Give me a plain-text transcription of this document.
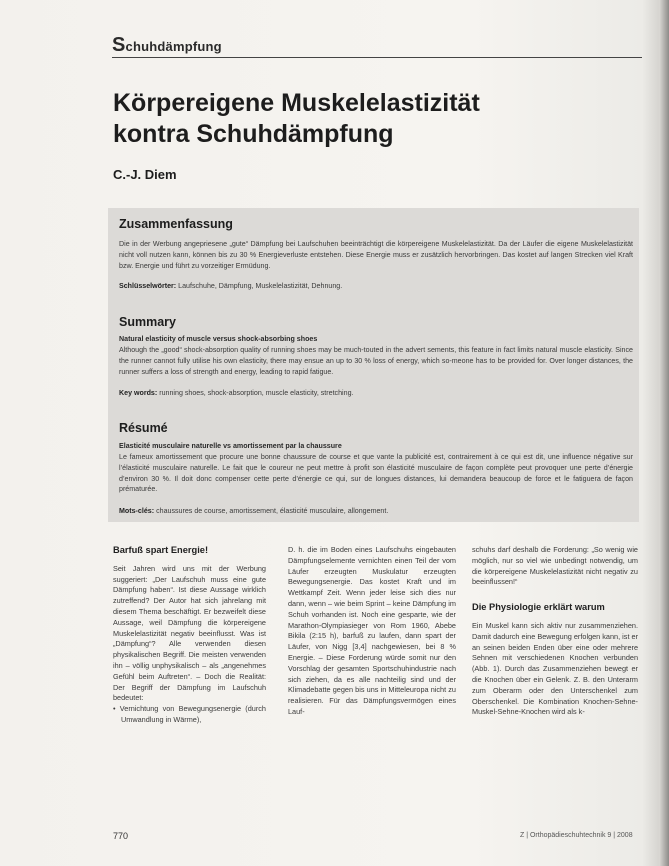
Schuhdämpfung
Körpereigene Muskelelastizität
kontra Schuhdämpfung
C.-J. Diem
Zusammenfassung
Die in der Werbung angepriesene „gute“ Dämpfung bei Laufschuhen beeinträchtigt die körpereigene Muskelelastizität. Da der Läufer die eigene Muskelelastizität nicht voll nutzen kann, können bis zu 30 % Energieverluste entstehen. Diese Energie muss er zusätzlich hervorbringen. Das kostet auf langen Strecken viel Kraft bzw. Energie und führt zu vorzeitiger Ermüdung.
Schlüsselwörter: Laufschuhe, Dämpfung, Muskelelastizität, Dehnung.
Summary
Natural elasticity of muscle versus shock-absorbing shoes
Although the „good“ shock-absorption quality of running shoes may be much-touted in the advert sements, this feature in fact limits natural muscle elasticity. Since the runner cannot fully utilise his own elasticity, there may ensue an up to 30 % loss of energy, which so-meone has to be provided for. Over longer distances, the runner suffers a loss of strength and energy, leading to rapid fatigue.
Key words: running shoes, shock-absorption, muscle elasticity, stretching.
Résumé
Elasticité musculaire naturelle vs amortissement par la chaussure
Le fameux amortissement que procure une bonne chaussure de course et que vante la publicité est, contrairement à ce qui est dit, une influence négative sur l’élasticité musculaire naturelle. Le fait que le coureur ne peut mettre à profit son élasticité musculaire de façon complète peut provoquer une perte d’énergie d’environ 30 %. Il doit donc compenser cette perte d’énergie ce qui, sur de longues distances, lui demandera beaucoup de force et le fatiguera de façon prématurée.
Mots-clés: chaussures de course, amortissement, élasticité musculaire, allongement.
Barfuß spart Energie!

Seit Jahren wird uns mit der Werbung suggeriert: „Der Laufschuh muss eine gute Dämpfung haben“. Ist diese Aussage wirklich zutreffend? Der Autor hat sich jahrelang mit diesem Thema beschäftigt. Er bezweifelt diese Aussage, weil Dämpfung die körpereigene Muskelelastizität negativ beeinflusst. Was ist „Dämpfung“? Alle verwenden diesen physikalischen Begriff. Die meisten verwenden ihn – völlig unphysikalisch – als „angenehmes Gefühl beim Auftreten“. – Doch die Realität: Der Begriff der Dämpfung im Laufschuh bedeutet:

• Vernichtung von Bewegungsenergie (durch Umwandlung in Wärme),

D. h. die im Boden eines Laufschuhs eingebauten Dämpfungselemente vernichten einen Teil der vom Läufer erzeugten Muskulatur erzeugten Bewegungsenergie. Das kostet Kraft und im Wettkampf Zeit. Wenn jeder leise sich dies nur dann, wenn – wie beim Sprint – keine Dämpfung im Schuh vorhanden ist. Noch eine gesparte, wie der Marathon-Olympiasieger von Rom 1960, Abebe Bikila (2:15 h), barfuß zu laufen, dann spart der Läufer, von Nigg [3,4] nachgewiesen, bei 8 % Energie. – Diese Forderung würde somit nur den Vorschlag der gesamten Sportschuhindustrie nach sich ziehen, da es alle nachteilig sind und der Klimadebatte gegen bis uns in Mitteleuropa nicht zu realisieren. Für das Dämpfungsvermögen eines Lauf-

schuhs darf deshalb die Forderung: „So wenig wie möglich, nur so viel wie unbedingt notwendig, um die körpereigene Muskelelastizität nicht negativ zu beeinflussen!“

Die Physiologie erklärt warum

Ein Muskel kann sich aktiv nur zusammenziehen. Damit dadurch eine Bewegung erfolgen kann, ist er an seinen beiden Enden über eine oder mehrere Sehnen mit verschiedenen Knochen verbunden (Abb. 1). Durch das Zusammenziehen bewegt er die Knochen über ein Gelenk. Z. B. den Unterarm zum Oberarm oder den Unterschenkel zum Oberschenkel. Die Kombination Knochen-Sehne-Muskel-Sehne-Knochen wird als k-

770	Z | Orthopädieschuhtechnik 9 | 2008
